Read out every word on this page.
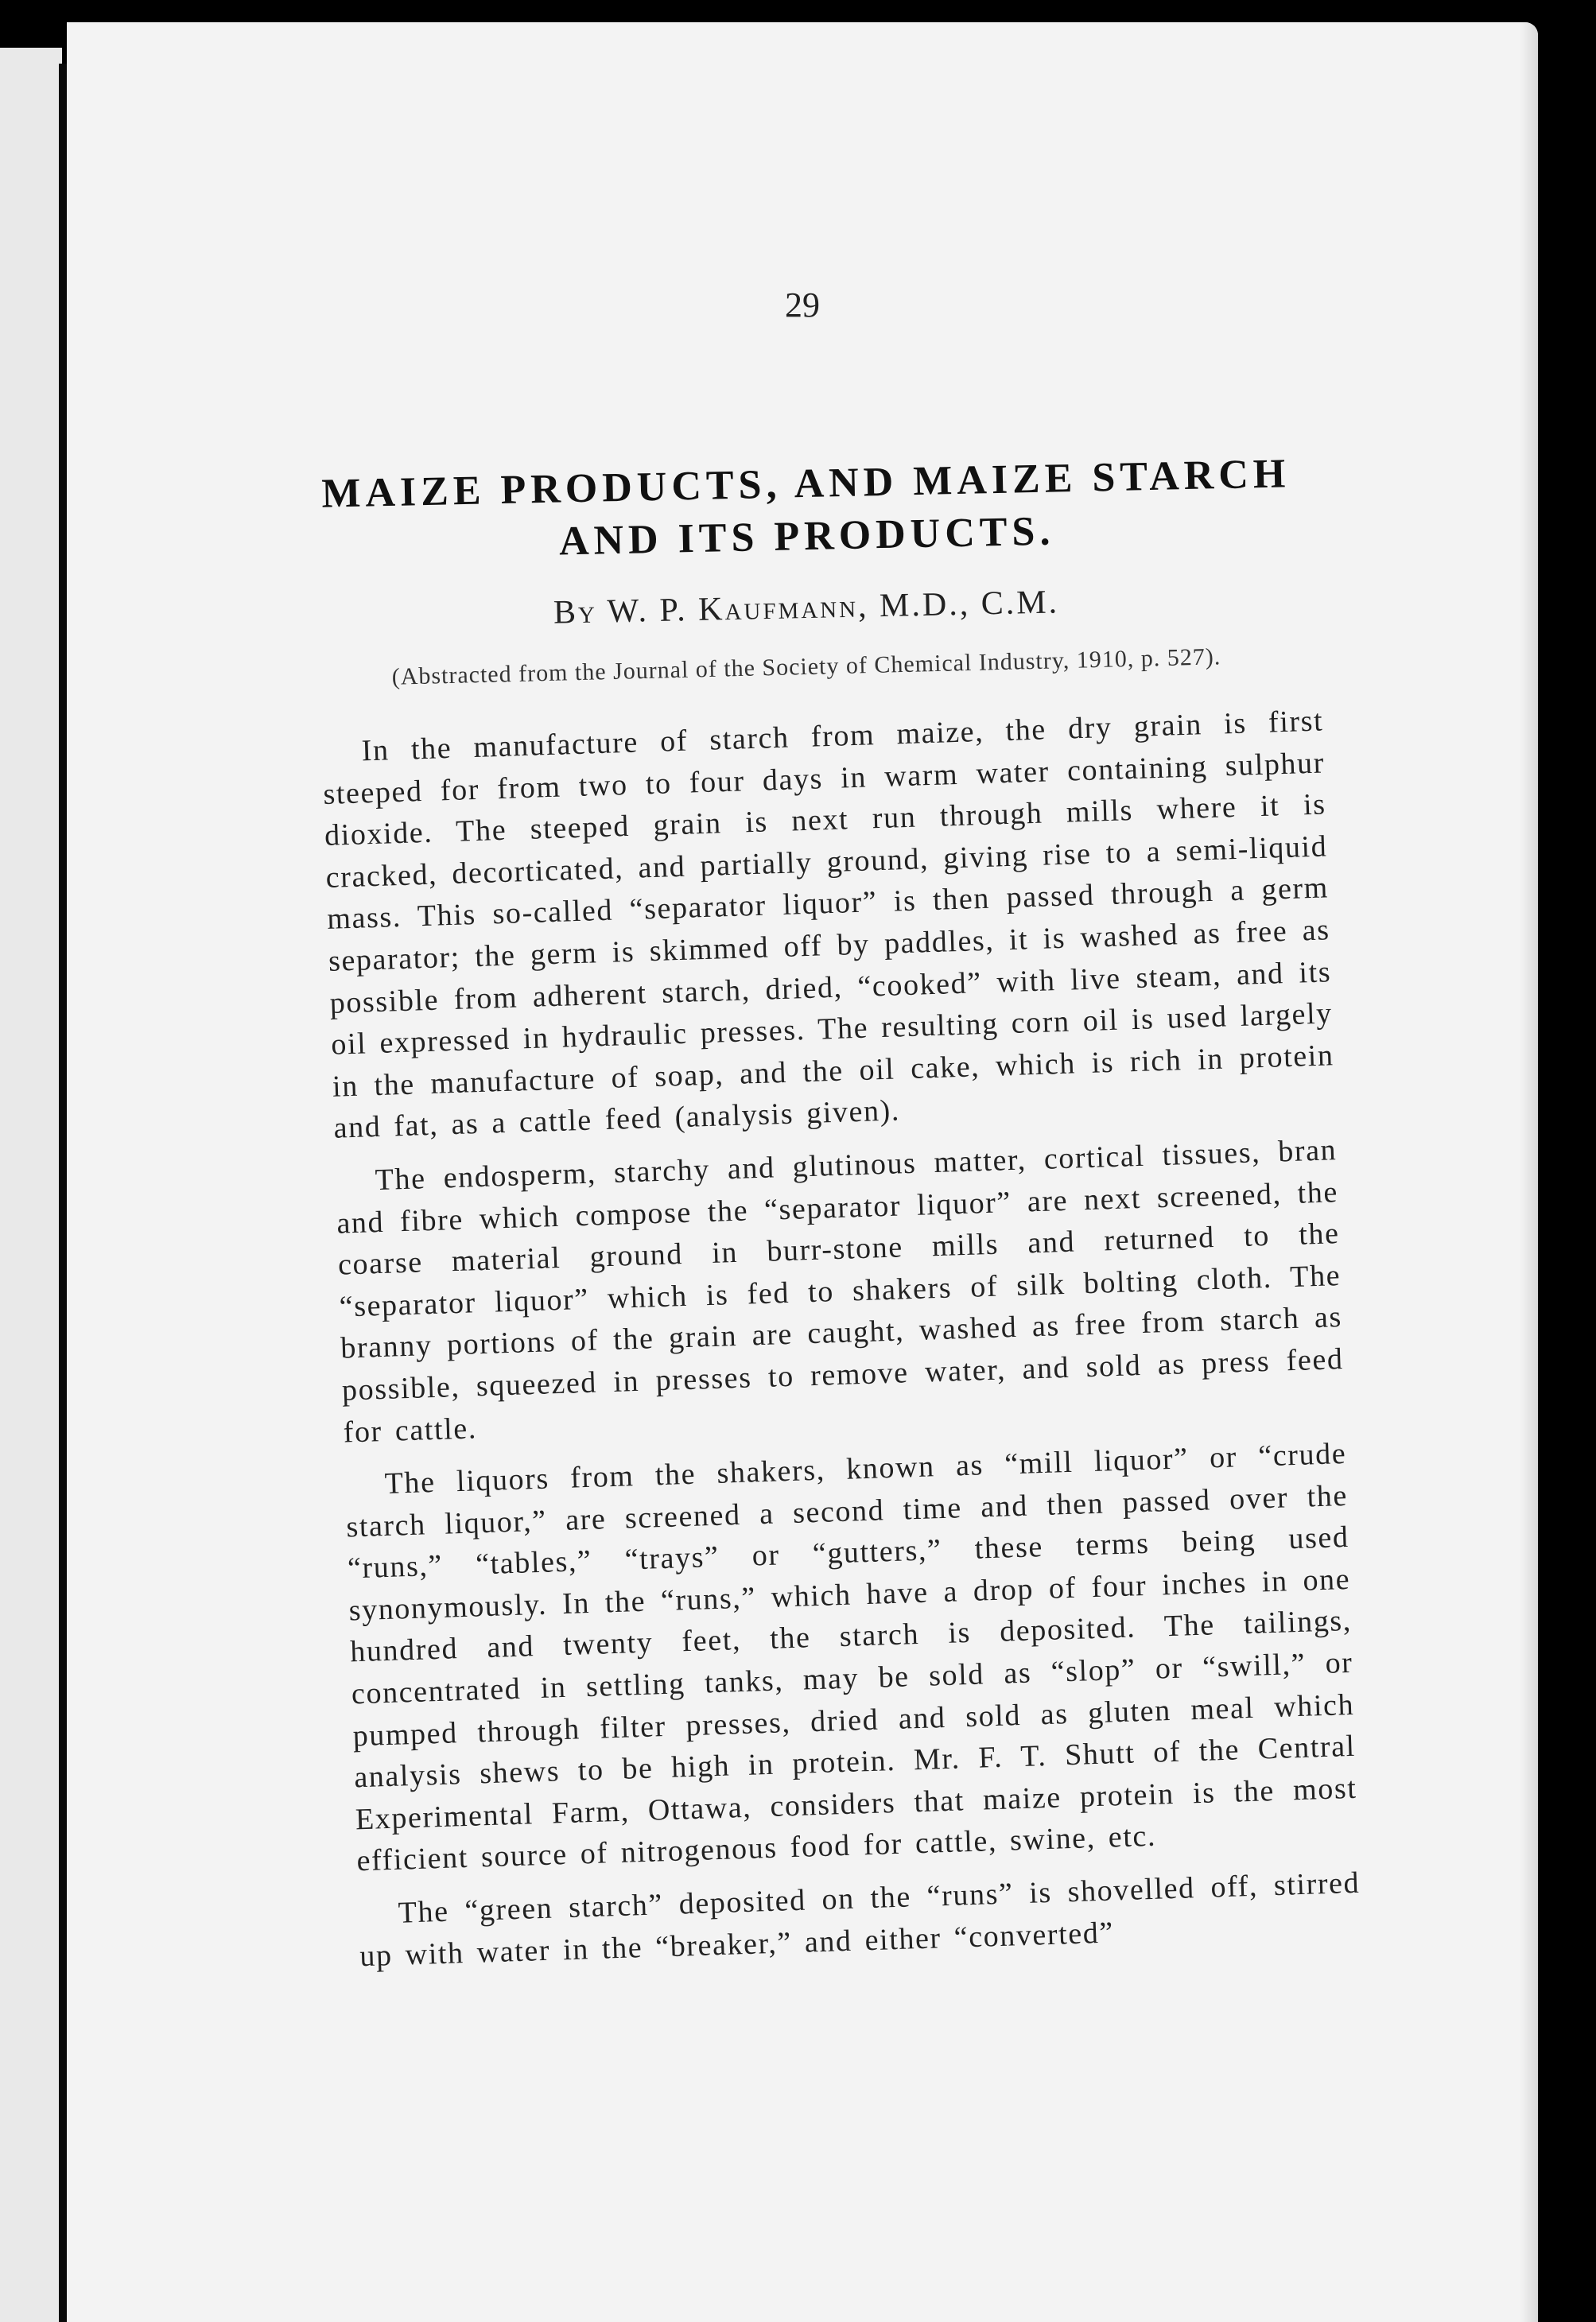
29
MAIZE PRODUCTS, AND MAIZE STARCH AND ITS PRODUCTS.
By W. P. Kaufmann, M.D., C.M.
(Abstracted from the Journal of the Society of Chemical Industry, 1910, p. 527).

In the manufacture of starch from maize, the dry grain is first steeped for from two to four days in warm water containing sulphur dioxide. The steeped grain is next run through mills where it is cracked, decorticated, and partially ground, giving rise to a semi-liquid mass. This so-called “separator liquor” is then passed through a germ separator; the germ is skimmed off by paddles, it is washed as free as possible from adherent starch, dried, “cooked” with live steam, and its oil expressed in hydraulic presses. The resulting corn oil is used largely in the manufacture of soap, and the oil cake, which is rich in protein and fat, as a cattle feed (analysis given).

The endosperm, starchy and glutinous matter, cortical tissues, bran and fibre which compose the “separator liquor” are next screened, the coarse material ground in burr-stone mills and returned to the “separator liquor” which is fed to shakers of silk bolting cloth. The branny portions of the grain are caught, washed as free from starch as possible, squeezed in presses to remove water, and sold as press feed for cattle.

The liquors from the shakers, known as “mill liquor” or “crude starch liquor,” are screened a second time and then passed over the “runs,” “tables,” “trays” or “gutters,” these terms being used synonymously. In the “runs,” which have a drop of four inches in one hundred and twenty feet, the starch is deposited. The tailings, concentrated in settling tanks, may be sold as “slop” or “swill,” or pumped through filter presses, dried and sold as gluten meal which analysis shews to be high in protein. Mr. F. T. Shutt of the Central Experimental Farm, Ottawa, considers that maize protein is the most efficient source of nitrogenous food for cattle, swine, etc.

The “green starch” deposited on the “runs” is shovelled off, stirred up with water in the “breaker,” and either “converted”
